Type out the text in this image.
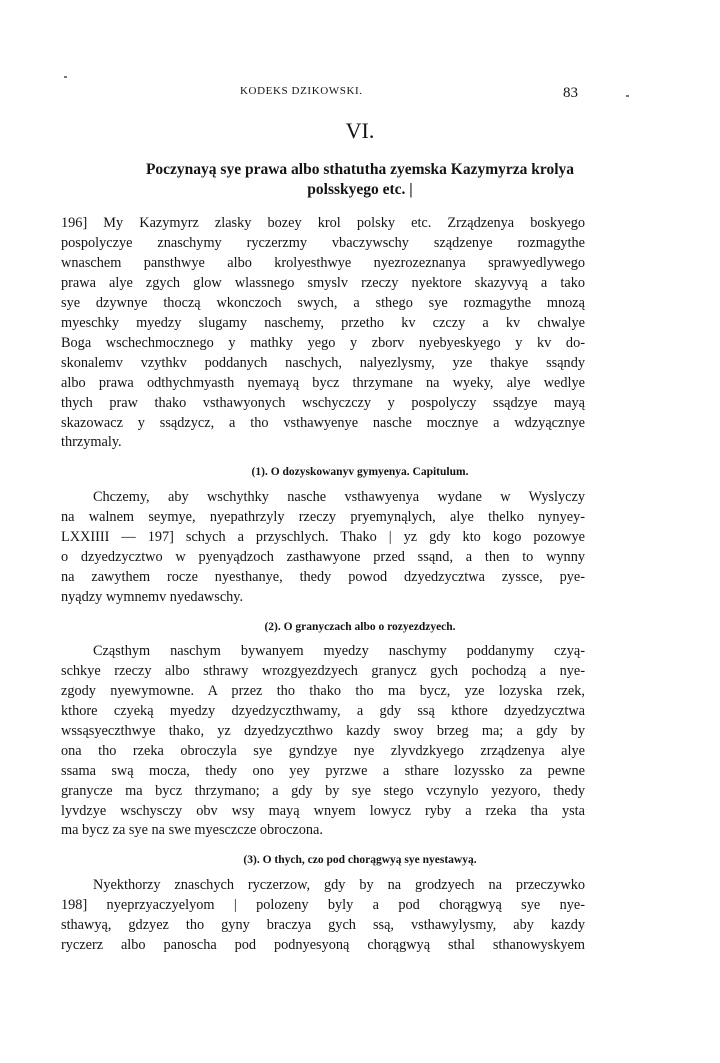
KODEKS DZIKOWSKI.	83
VI.
Poczynayą sye prawa albo sthatutha zyemska Kazymyrza krolya
polsskyego etc. |
196] My Kazymyrz zlasky bozey krol polsky etc. Zrządzenya boskyego
pospolyczye znaschymy ryczerzmy vbaczywschy sządzenye rozmagythe
wnaschem pansthwye albo krolyesthwye nyezrozeznanya sprawyedlywego
prawa alye zgych glow wlassnego smyslv rzeczy nyektore skazyvyą a tako
sye dzywnye thoczą wkonczoch swych, a sthego sye rozmagythe mnozą
myeschky myedzy slugamy naschemy, przetho kv czczy a kv chwalye
Boga wschechmocznego y mathky yego y zborv nyebyeskyego y kv do-
skonalemv vzythkv poddanych naschych, nalyezlysmy, yze thakye ssąndy
albo prawa odthychmyasth nyemayą bycz thrzymane na wyeky, alye wedlye
thych praw thako vsthawyonych wschyczczy y pospolyczy ssądzye mayą
skazowacz y ssądzycz, a tho vsthawyenye nasche mocznye a wdzyącznye
thrzymaly.
(1). O dozyskowanyv gymyenya. Capitulum.
Chczemy, aby wschythky nasche vsthawyenya wydane w Wyslyczy
na walnem seymye, nyepathrzyly rzeczy pryemynąlych, alye thelko nynyey-
LXXIIII — 197] schych a przyschlych. Thako | yz gdy kto kogo pozowye
o dzyedzycztwo w pyenyądzoch zasthawyone przed ssąnd, a then to wynny
na zawythem rocze nyesthanye, thedy powod dzyedzycztwa zyssce, pye-
nyądzy wymnemv nyedawschy.
(2). O granyczach albo o rozyezdzyech.
Cząsthym naschym bywanyem myedzy naschymy poddanymy czyą-
schkye rzeczy albo sthrawy wrozgyezdzyech granycz gych pochodzą a nye-
zgody nyewymowne. A przez tho thako tho ma bycz, yze lozyska rzek,
kthore czyeką myedzy dzyedzyczthwamy, a gdy ssą kthore dzyedzycztwa
wssąsyeczthwye thako, yz dzyedzyczthwo kazdy swoy brzeg ma; a gdy by
ona tho rzeka obroczyla sye gyndzye nye zlyvdzkyego zrządzenya alye
ssama swą mocza, thedy ono yey pyrzwe a sthare lozyssko za pewne
granycze ma bycz thrzymano; a gdy by sye stego vczynylo yezyoro, thedy
lyvdzye wschysczy obv wsy mayą wnyem lowycz ryby a rzeka tha ysta
ma bycz za sye na swe myesczcze obroczona.
(3). O thych, czo pod chorągwyą sye nyestawyą.
Nyekthorzy znaschych ryczerzow, gdy by na grodzyech na przeczywko
198] nyeprzyaczyelyom | polozeny byly a pod chorągwyą sye nye-
sthawyą, gdzyez tho gyny braczya gych ssą, vsthawylysmy, aby kazdy
ryczerz albo panoscha pod podnyesyoną chorągwyą sthal sthanowyskyem
